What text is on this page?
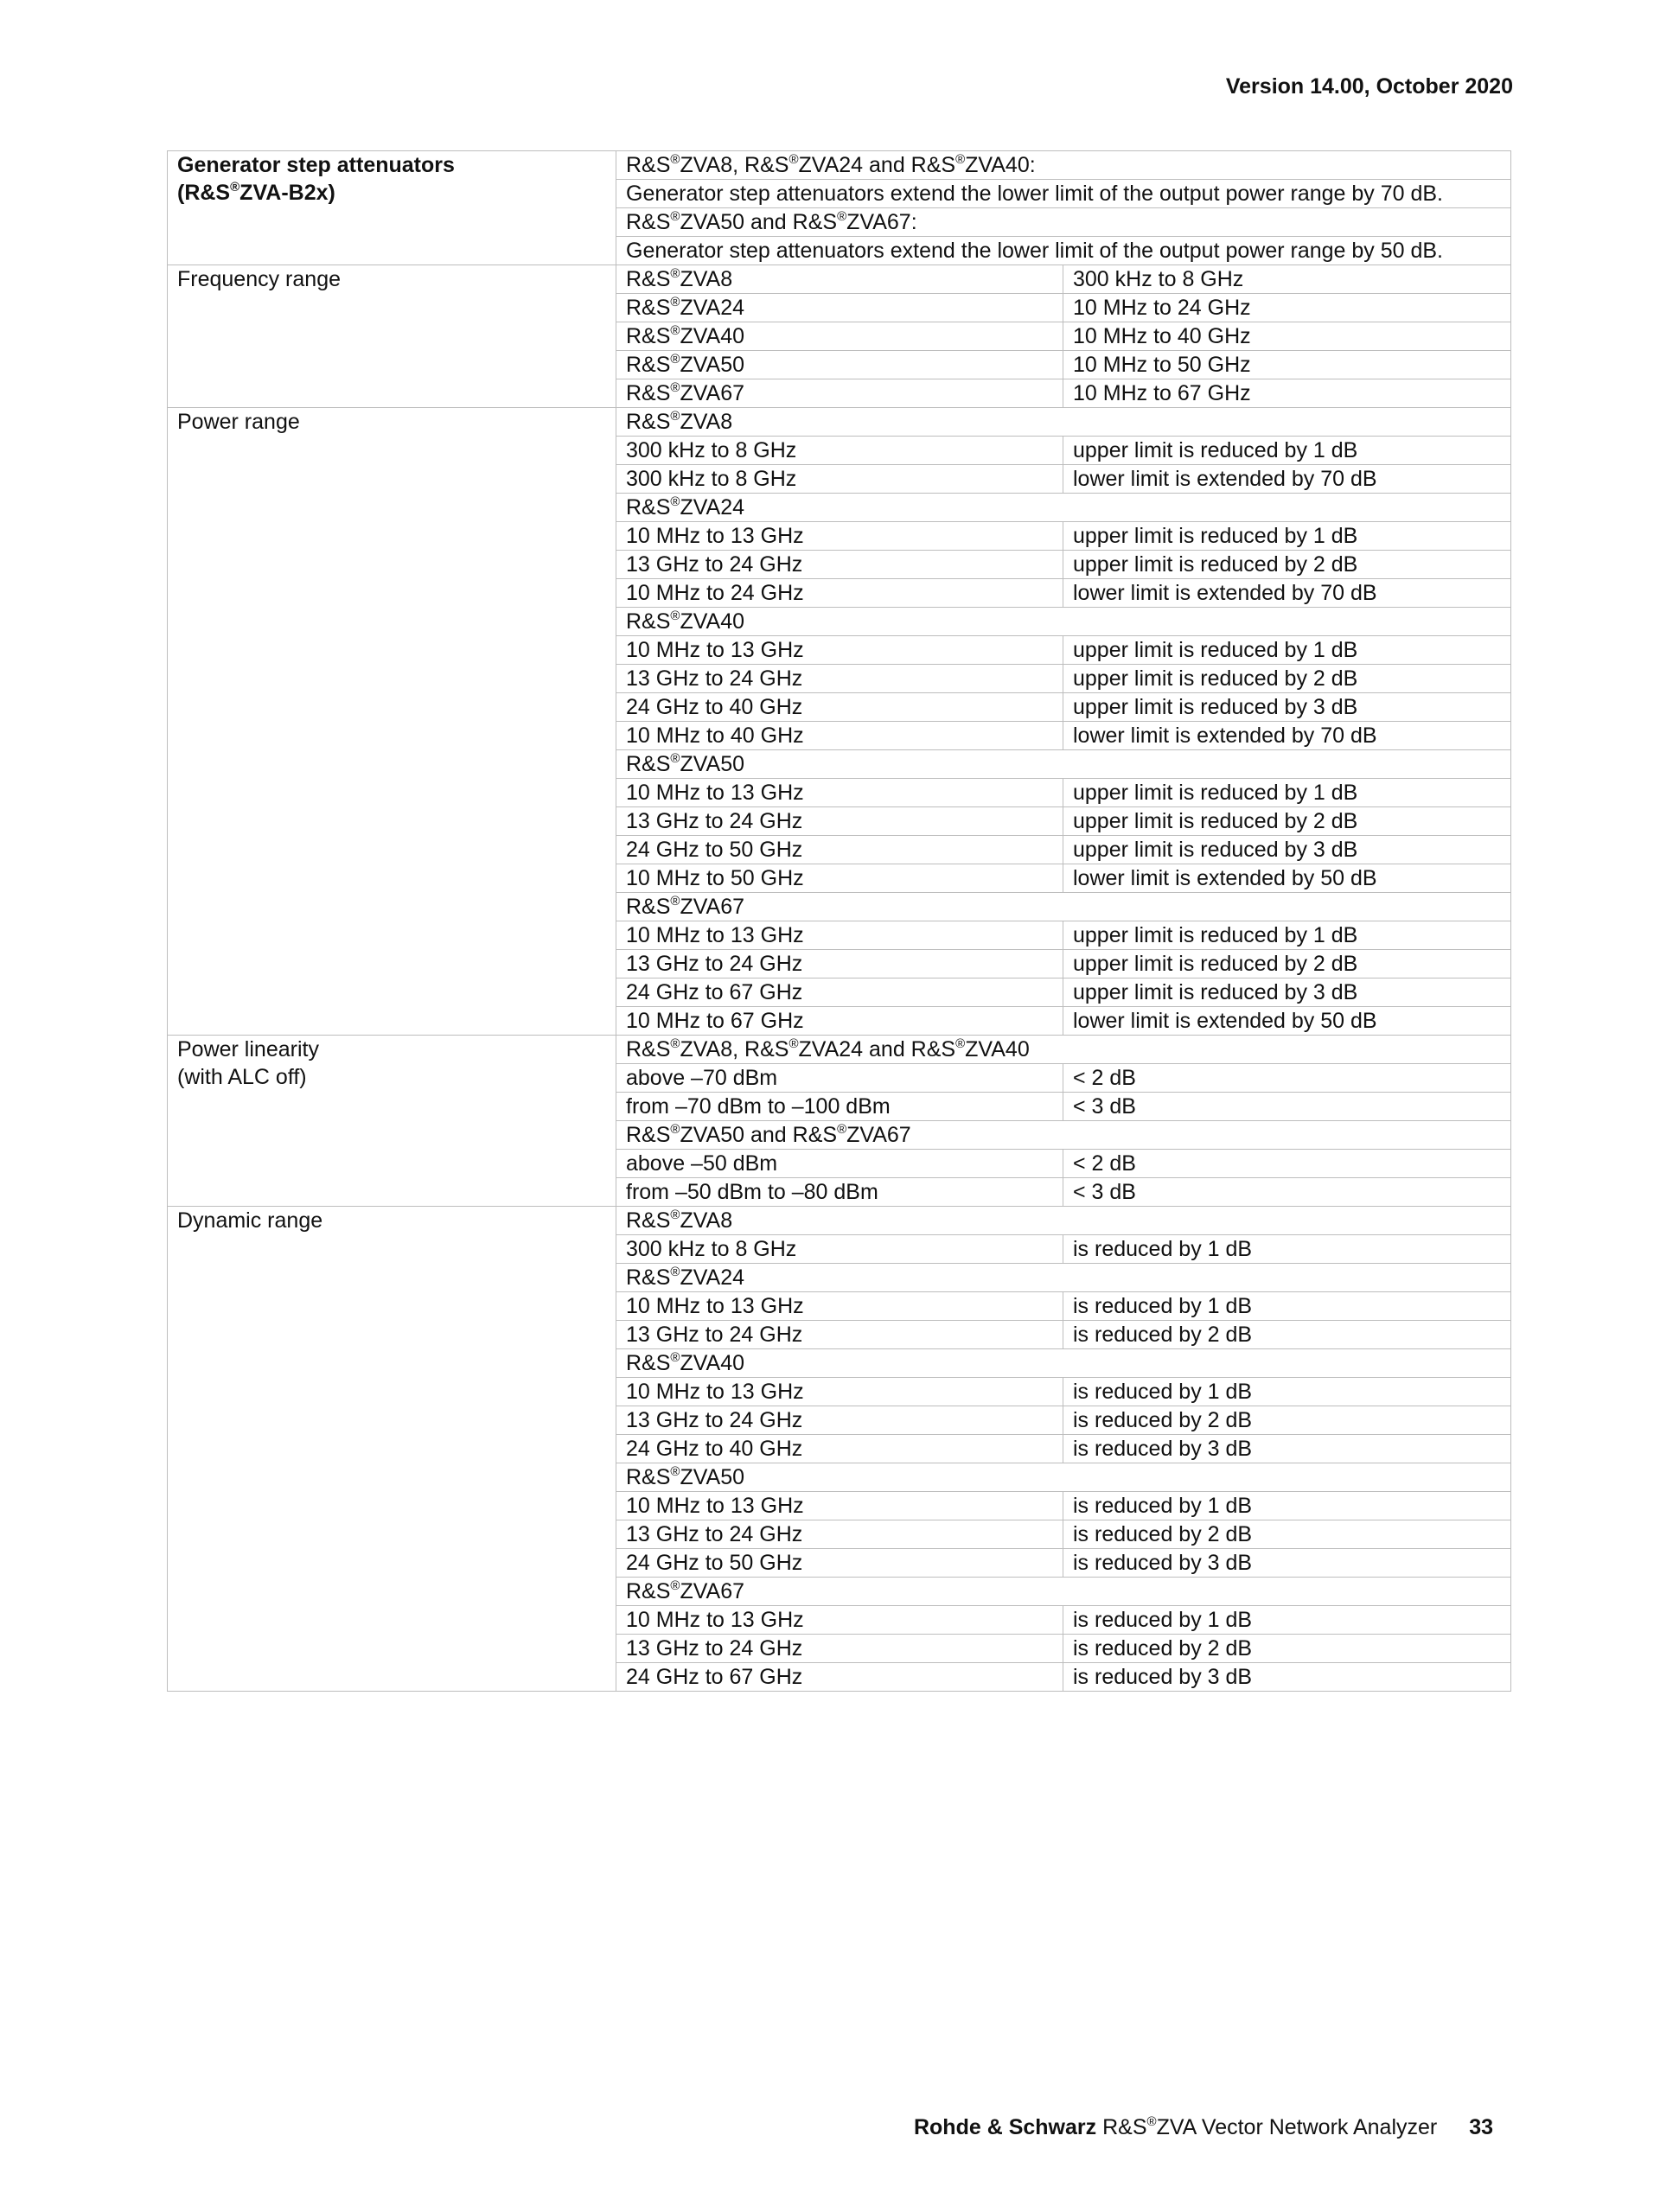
Version 14.00, October 2020
Generator step attenuators
(R&S®ZVA-B2x)	R&S®ZVA8, R&S®ZVA24 and R&S®ZVA40:	
	Generator step attenuators extend the lower limit of the output power range by 70 dB.	
	R&S®ZVA50 and R&S®ZVA67:	
	Generator step attenuators extend the lower limit of the output power range by 50 dB.	

Frequency range	R&S®ZVA8	300 kHz to 8 GHz
	R&S®ZVA24	10 MHz to 24 GHz
	R&S®ZVA40	10 MHz to 40 GHz
	R&S®ZVA50	10 MHz to 50 GHz
	R&S®ZVA67	10 MHz to 67 GHz

Power range	R&S®ZVA8	
	300 kHz to 8 GHz	upper limit is reduced by 1 dB
	300 kHz to 8 GHz	lower limit is extended by 70 dB
	R&S®ZVA24	
	10 MHz to 13 GHz	upper limit is reduced by 1 dB
	13 GHz to 24 GHz	upper limit is reduced by 2 dB
	10 MHz to 24 GHz	lower limit is extended by 70 dB
	R&S®ZVA40	
	10 MHz to 13 GHz	upper limit is reduced by 1 dB
	13 GHz to 24 GHz	upper limit is reduced by 2 dB
	24 GHz to 40 GHz	upper limit is reduced by 3 dB
	10 MHz to 40 GHz	lower limit is extended by 70 dB
	R&S®ZVA50	
	10 MHz to 13 GHz	upper limit is reduced by 1 dB
	13 GHz to 24 GHz	upper limit is reduced by 2 dB
	24 GHz to 50 GHz	upper limit is reduced by 3 dB
	10 MHz to 50 GHz	lower limit is extended by 50 dB
	R&S®ZVA67	
	10 MHz to 13 GHz	upper limit is reduced by 1 dB
	13 GHz to 24 GHz	upper limit is reduced by 2 dB
	24 GHz to 67 GHz	upper limit is reduced by 3 dB
	10 MHz to 67 GHz	lower limit is extended by 50 dB

Power linearity
(with ALC off)	R&S®ZVA8, R&S®ZVA24 and R&S®ZVA40	
	above –70 dBm	< 2 dB
	from –70 dBm to –100 dBm	< 3 dB
	R&S®ZVA50 and R&S®ZVA67	
	above –50 dBm	< 2 dB
	from –50 dBm to –80 dBm	< 3 dB

Dynamic range	R&S®ZVA8	
	300 kHz to 8 GHz	is reduced by 1 dB
	R&S®ZVA24	
	10 MHz to 13 GHz	is reduced by 1 dB
	13 GHz to 24 GHz	is reduced by 2 dB
	R&S®ZVA40	
	10 MHz to 13 GHz	is reduced by 1 dB
	13 GHz to 24 GHz	is reduced by 2 dB
	24 GHz to 40 GHz	is reduced by 3 dB
	R&S®ZVA50	
	10 MHz to 13 GHz	is reduced by 1 dB
	13 GHz to 24 GHz	is reduced by 2 dB
	24 GHz to 50 GHz	is reduced by 3 dB
	R&S®ZVA67	
	10 MHz to 13 GHz	is reduced by 1 dB
	13 GHz to 24 GHz	is reduced by 2 dB
	24 GHz to 67 GHz	is reduced by 3 dB
Rohde & Schwarz R&S®ZVA Vector Network Analyzer 33
